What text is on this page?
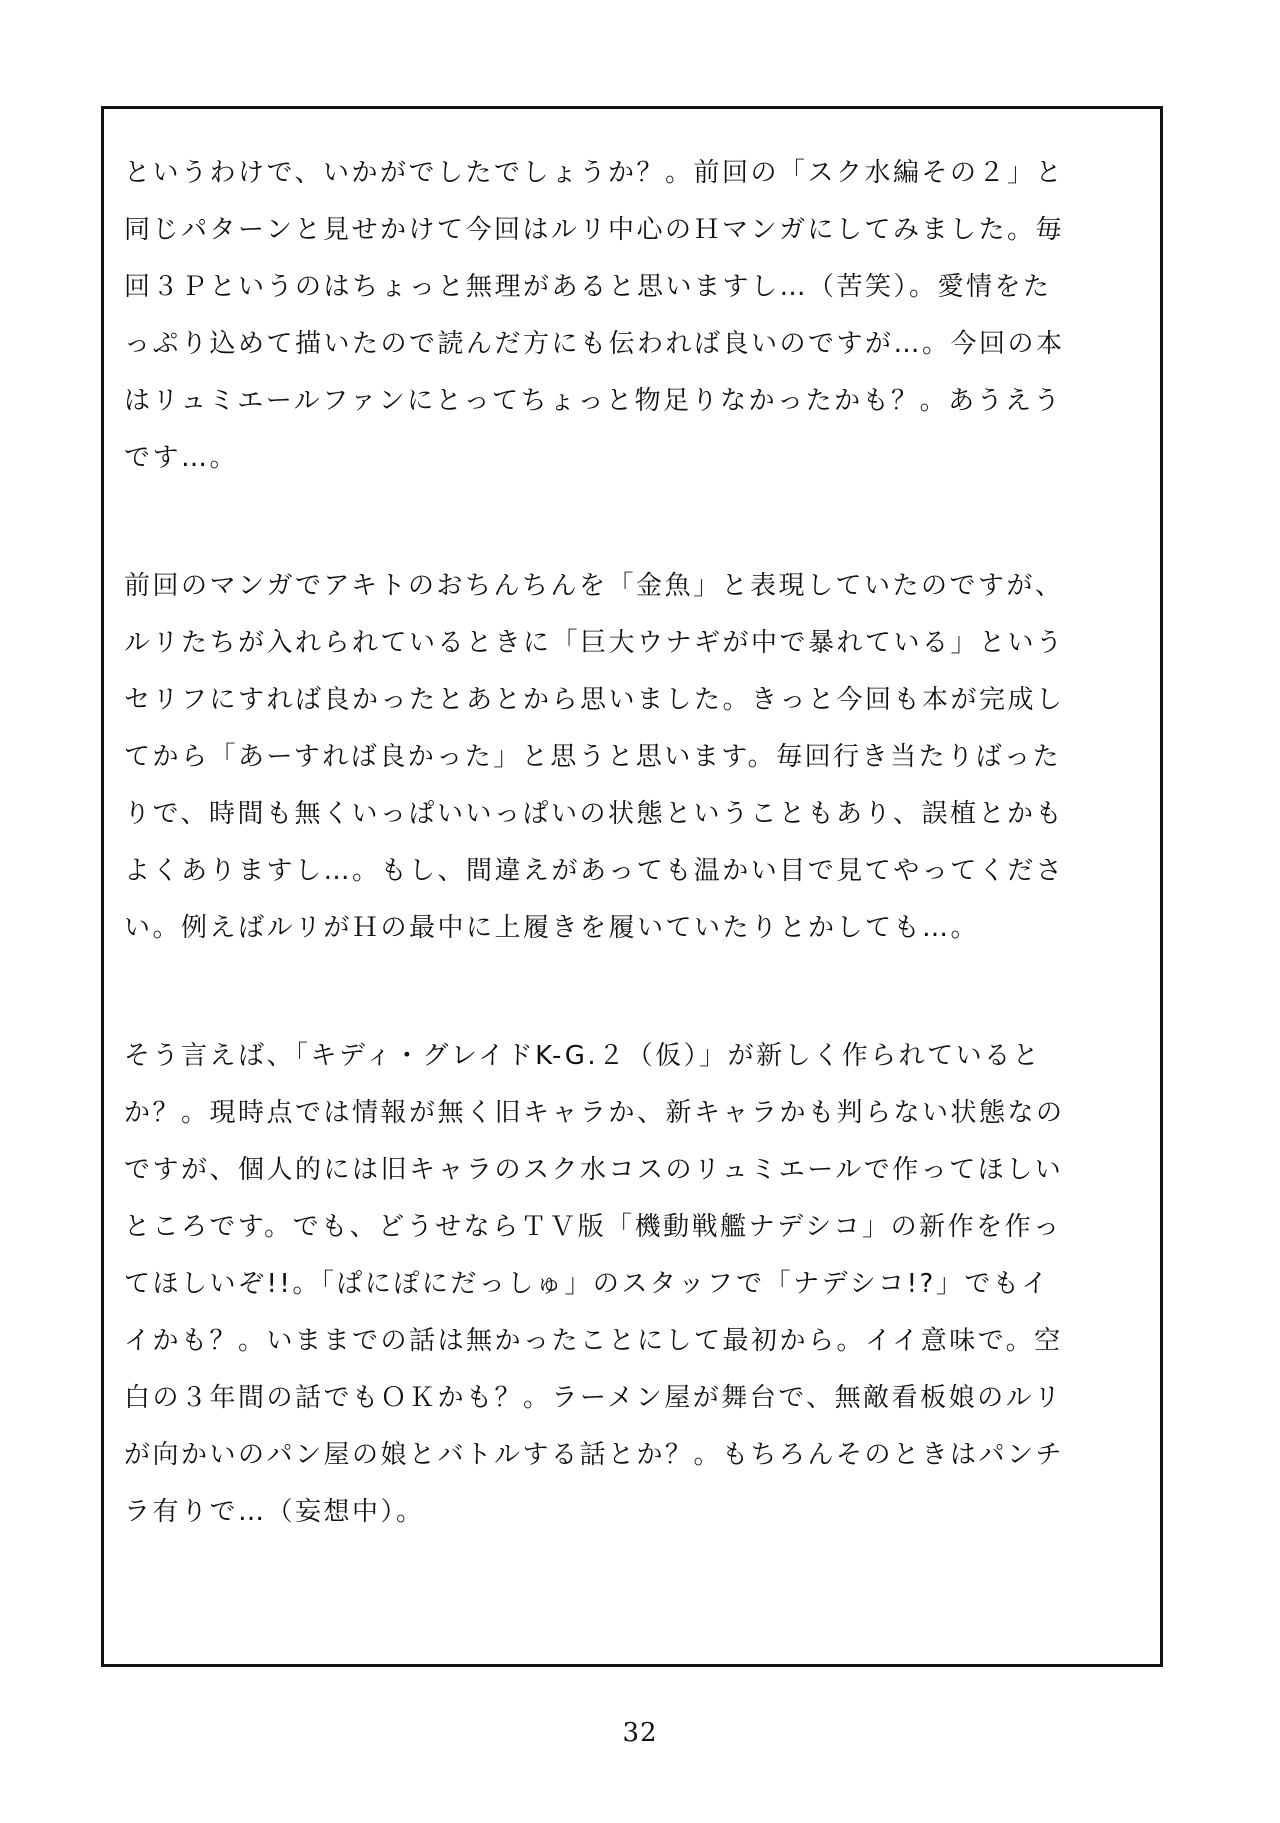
というわけで、いかがでしたでしょうか？。前回の「スク水編その２」と
同じパターンと見せかけて今回はルリ中心のＨマンガにしてみました。毎
回３Ｐというのはちょっと無理があると思いますし…（苦笑）。愛情をた
っぷり込めて描いたので読んだ方にも伝われば良いのですが…。今回の本
はリュミエールファンにとってちょっと物足りなかったかも？。あうえう
です…。
前回のマンガでアキトのおちんちんを「金魚」と表現していたのですが、
ルリたちが入れられているときに「巨大ウナギが中で暴れている」という
セリフにすれば良かったとあとから思いました。きっと今回も本が完成し
てから「あーすれば良かった」と思うと思います。毎回行き当たりばった
りで、時間も無くいっぱいいっぱいの状態ということもあり、誤植とかも
よくありますし…。もし、間違えがあっても温かい目で見てやってくださ
い。例えばルリがＨの最中に上履きを履いていたりとかしても…。
そう言えば、「キディ・グレイドK-G.２（仮）」が新しく作られていると
か？。現時点では情報が無く旧キャラか、新キャラかも判らない状態なの
ですが、個人的には旧キャラのスク水コスのリュミエールで作ってほしい
ところです。でも、どうせならＴＶ版「機動戦艦ナデシコ」の新作を作っ
てほしいぞ!!。「ぱにぽにだっしゅ」のスタッフで「ナデシコ!?」でもイ
イかも？。いままでの話は無かったことにして最初から。イイ意味で。空
白の３年間の話でもＯＫかも？。ラーメン屋が舞台で、無敵看板娘のルリ
が向かいのパン屋の娘とバトルする話とか？。もちろんそのときはパンチ
ラ有りで…（妄想中）。
32
